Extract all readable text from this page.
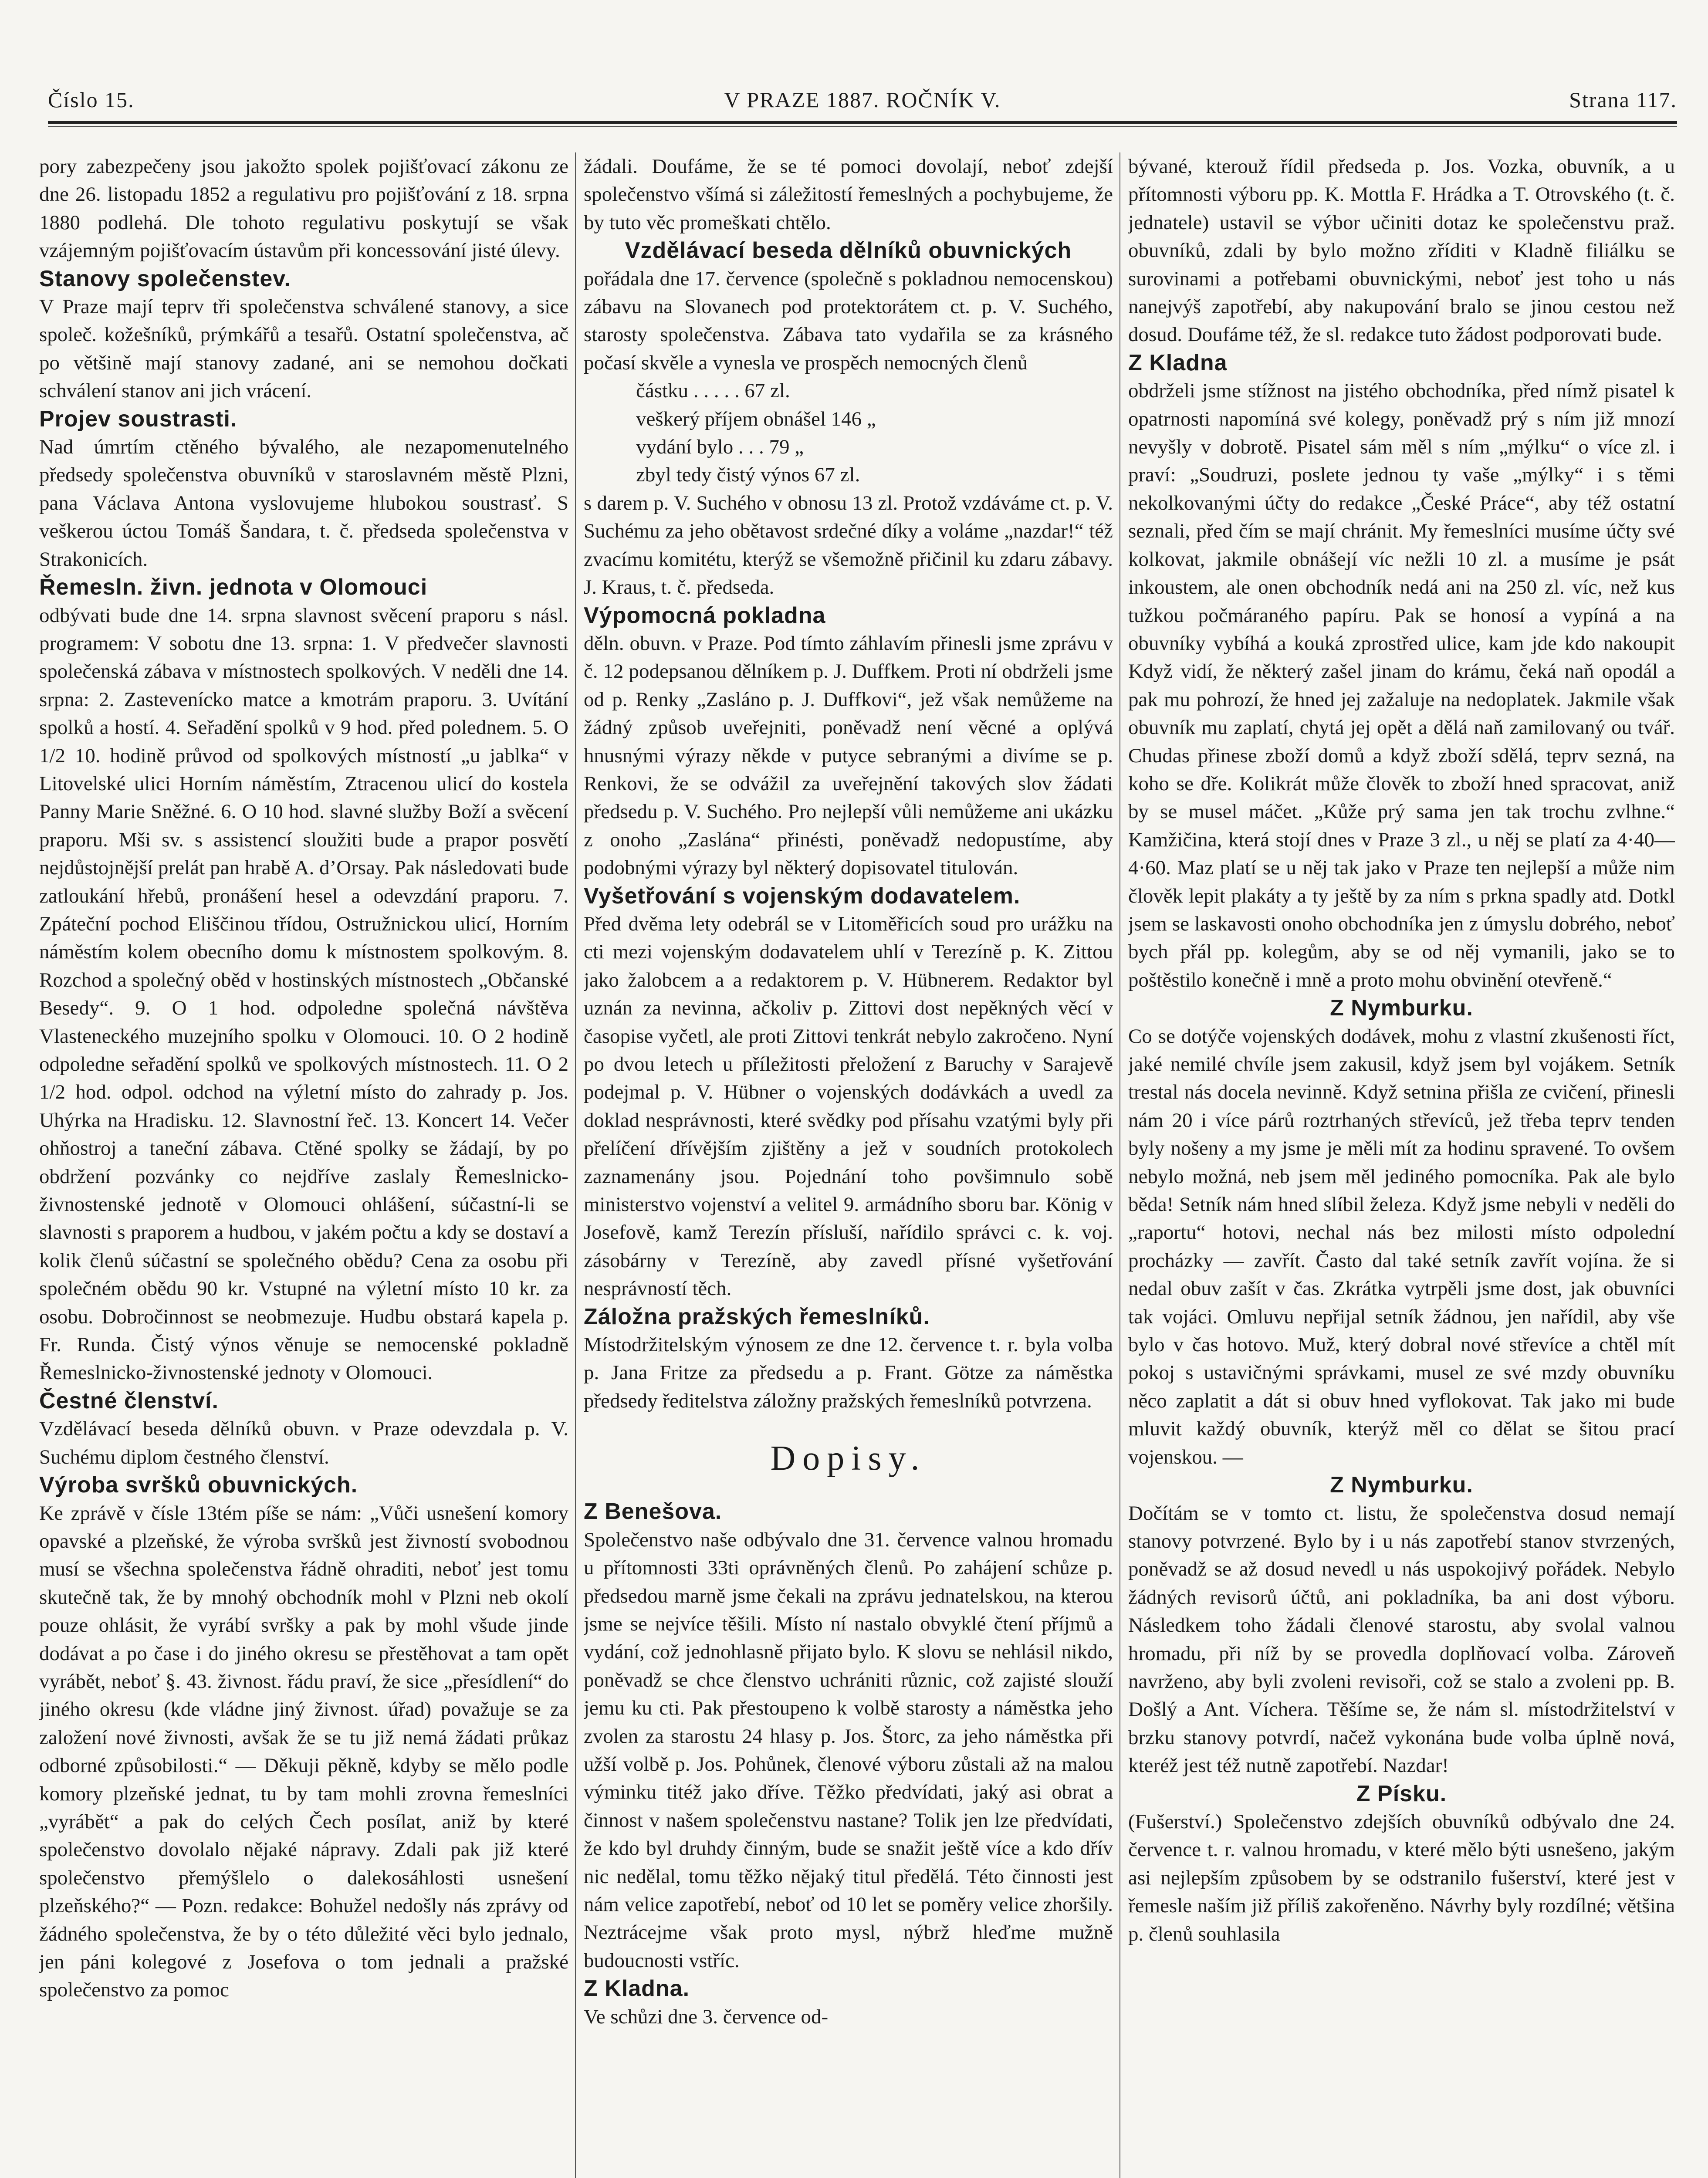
Číslo 15.	V PRAZE 1887. ROČNÍK V.	Strana 117.

pory zabezpečeny jsou jakožto spolek pojišťovací zákonu ze dne 26. listopadu 1852 a regulativu pro pojišťování z 18. srpna 1880 podlehá. Dle tohoto regulativu poskytují se však vzájemným pojišťovacím ústavům při koncessování jisté úlevy.

Stanovy společenstev.

V Praze mají teprv tři společenstva schválené stanovy, a sice společ. kožešníků, prýmkářů a tesařů. Ostatní společenstva, ač po většině mají stanovy zadané, ani se nemohou dočkati schválení stanov ani jich vrácení.

Projev soustrasti.

Nad úmrtím ctěného bývalého, ale nezapomenutelného předsedy společenstva obuvníků v staroslavném městě Plzni, pana Václava Antona vyslovujeme hlubokou soustrasť. S veškerou úctou Tomáš Šandara, t. č. předseda společenstva v Strakonicích.

Řemesln. živn. jednota v Olomouci

odbývati bude dne 14. srpna slavnost svěcení praporu s násl. programem: V sobotu dne 13. srpna: 1. V předvečer slavnosti společenská zábava v místnostech spolkových. V neděli dne 14. srpna: 2. Zastevenícko matce a kmotrám praporu. 3. Uvítání spolků a hostí. 4. Seřadění spolků v 9 hod. před polednem. 5. O 1/2 10. hodině průvod od spolkových místností „u jablka“ v Litovelské ulici Horním náměstím, Ztracenou ulicí do kostela Panny Marie Sněžné. 6. O 10 hod. slavné služby Boží a svěcení praporu. Mši sv. s assistencí sloužiti bude a prapor posvětí nejdůstojnější prelát pan hrabě A. d’Orsay. Pak následovati bude zatloukání hřebů, pronášení hesel a odevzdání praporu. 7. Zpáteční pochod Eliščinou třídou, Ostružnickou ulicí, Horním náměstím kolem obecního domu k místnostem spolkovým. 8. Rozchod a společný oběd v hostinských místnostech „Občanské Besedy“. 9. O 1 hod. odpoledne společná návštěva Vlasteneckého muzejního spolku v Olomouci. 10. O 2 hodině odpoledne seřadění spolků ve spolkových místnostech. 11. O 2 1/2 hod. odpol. odchod na výletní místo do zahrady p. Jos. Uhýrka na Hradisku. 12. Slavnostní řeč. 13. Koncert 14. Večer ohňostroj a taneční zábava. Ctěné spolky se žádají, by po obdržení pozvánky co nejdříve zaslaly Řemeslnicko-živnostenské jednotě v Olomouci ohlášení, súčastní-li se slavnosti s praporem a hudbou, v jakém počtu a kdy se dostaví a kolik členů súčastní se společného obědu? Cena za osobu při společném obědu 90 kr. Vstupné na výletní místo 10 kr. za osobu. Dobročinnost se neobmezuje. Hudbu obstará kapela p. Fr. Runda. Čistý výnos věnuje se nemocenské pokladně Řemeslnicko-živnostenské jednoty v Olomouci.

Čestné členství.

Vzdělávací beseda dělníků obuvn. v Praze odevzdala p. V. Suchému diplom čestného členství.

Výroba svršků obuvnických.

Ke zprávě v čísle 13tém píše se nám: „Vůči usnešení komory opavské a plzeňské, že výroba svršků jest živností svobodnou musí se všechna společenstva řádně ohraditi, neboť jest tomu skutečně tak, že by mnohý obchodník mohl v Plzni neb okolí pouze ohlásit, že vyrábí svršky a pak by mohl všude jinde dodávat a po čase i do jiného okresu se přestěhovat a tam opět vyrábět, neboť §. 43. živnost. řádu praví, že sice „přesídlení“ do jiného okresu (kde vládne jiný živnost. úřad) považuje se za založení nové živnosti, avšak že se tu již nemá žádati průkaz odborné způsobilosti.“ — Děkuji pěkně, kdyby se mělo podle komory plzeňské jednat, tu by tam mohli zrovna řemeslníci „vyrábět“ a pak do celých Čech posílat, aniž by které společenstvo dovolalo nějaké nápravy. Zdali pak již které společenstvo přemýšlelo o dalekosáhlosti usnešení plzeňského?“ — Pozn. redakce: Bohužel nedošly nás zprávy od žádného společenstva, že by o této důležité věci bylo jednalo, jen páni kolegové z Josefova o tom jednali a pražské společenstvo za pomoc

žádali. Doufáme, že se té pomoci dovolají, neboť zdejší společenstvo všímá si záležitostí řemeslných a pochybujeme, že by tuto věc promeškati chtělo.

Vzdělávací beseda dělníků obuvnických

pořádala dne 17. července (společně s pokladnou nemocenskou) zábavu na Slovanech pod protektorátem ct. p. V. Suchého, starosty společenstva. Zábava tato vydařila se za krásného počasí skvěle a vynesla ve prospěch nemocných členů

částku . . . . . 67 zl.
veškerý příjem obnášel 146 „
vydání bylo . . . 79 „
zbyl tedy čistý výnos 67 zl.

s darem p. V. Suchého v obnosu 13 zl. Protož vzdáváme ct. p. V. Suchému za jeho obětavost srdečné díky a voláme „nazdar!“ též zvacímu komitétu, kterýž se všemožně přičinil ku zdaru zábavy. J. Kraus, t. č. předseda.

Výpomocná pokladna

děln. obuvn. v Praze. Pod tímto záhlavím přinesli jsme zprávu v č. 12 podepsanou dělníkem p. J. Duffkem. Proti ní obdrželi jsme od p. Renky „Zasláno p. J. Duffkovi“, jež však nemůžeme na žádný způsob uveřejniti, poněvadž není věcné a oplývá hnusnými výrazy někde v putyce sebranými a divíme se p. Renkovi, že se odvážil za uveřejnění takových slov žádati předsedu p. V. Suchého. Pro nejlepší vůli nemůžeme ani ukázku z onoho „Zaslána“ přinésti, poněvadž nedopustíme, aby podobnými výrazy byl některý dopisovatel titulován.

Vyšetřování s vojenským dodavatelem.

Před dvěma lety odebrál se v Litoměřicích soud pro urážku na cti mezi vojenským dodavatelem uhlí v Terezíně p. K. Zittou jako žalobcem a a redaktorem p. V. Hübnerem. Redaktor byl uznán za nevinna, ačkoliv p. Zittovi dost nepěkných věcí v časopise vyčetl, ale proti Zittovi tenkrát nebylo zakročeno. Nyní po dvou letech u příležitosti přeložení z Baruchy v Sarajevě podejmal p. V. Hübner o vojenských dodávkách a uvedl za doklad nesprávnosti, které svědky pod přísahu vzatými byly při přelíčení dřívějším zjištěny a jež v soudních protokolech zaznamenány jsou. Pojednání toho povšimnulo sobě ministerstvo vojenství a velitel 9. armádního sboru bar. König v Josefově, kamž Terezín přísluší, nařídilo správci c. k. voj. zásobárny v Terezíně, aby zavedl přísné vyšetřování nesprávností těch.

Záložna pražských řemeslníků.

Místodržitelským výnosem ze dne 12. července t. r. byla volba p. Jana Fritze za předsedu a p. Frant. Götze za náměstka předsedy ředitelstva záložny pražských řemeslníků potvrzena.

Dopisy.

Z Benešova.

Společenstvo naše odbývalo dne 31. července valnou hromadu u přítomnosti 33ti oprávněných členů. Po zahájení schůze p. předsedou marně jsme čekali na zprávu jednatelskou, na kterou jsme se nejvíce těšili. Místo ní nastalo obvyklé čtení příjmů a vydání, což jednohlasně přijato bylo. K slovu se nehlásil nikdo, poněvadž se chce členstvo uchrániti různic, což zajisté slouží jemu ku cti. Pak přestoupeno k volbě starosty a náměstka jeho zvolen za starostu 24 hlasy p. Jos. Štorc, za jeho náměstka při užší volbě p. Jos. Pohůnek, členové výboru zůstali až na malou výminku titéž jako dříve. Těžko předvídati, jaký asi obrat a činnost v našem společenstvu nastane? Tolik jen lze předvídati, že kdo byl druhdy činným, bude se snažit ještě více a kdo dřív nic nedělal, tomu těžko nějaký titul předělá. Této činnosti jest nám velice zapotřebí, neboť od 10 let se poměry velice zhoršily. Neztrácejme však proto mysl, nýbrž hleďme mužně budoucnosti vstříc.

Z Kladna.

Ve schůzi dne 3. července od-

bývané, kterouž řídil předseda p. Jos. Vozka, obuvník, a u přítomnosti výboru pp. K. Mottla F. Hrádka a T. Otrovského (t. č. jednatele) ustavil se výbor učiniti dotaz ke společenstvu praž. obuvníků, zdali by bylo možno zříditi v Kladně filiálku se surovinami a potřebami obuvnickými, neboť jest toho u nás nanejvýš zapotřebí, aby nakupování bralo se jinou cestou než dosud. Doufáme též, že sl. redakce tuto žádost podporovati bude.

Z Kladna

obdrželi jsme stížnost na jistého obchodníka, před nímž pisatel k opatrnosti napomíná své kolegy, poněvadž prý s ním již mnozí nevyšly v dobrotě. Pisatel sám měl s ním „mýlku“ o více zl. i praví: „Soudruzi, poslete jednou ty vaše „mýlky“ i s těmi nekolkovanými účty do redakce „České Práce“, aby též ostatní seznali, před čím se mají chránit. My řemeslníci musíme účty své kolkovat, jakmile obnášejí víc nežli 10 zl. a musíme je psát inkoustem, ale onen obchodník nedá ani na 250 zl. víc, než kus tužkou počmáraného papíru. Pak se honosí a vypíná a na obuvníky vybíhá a kouká zprostřed ulice, kam jde kdo nakoupit Když vidí, že některý zašel jinam do krámu, čeká naň opodál a pak mu pohrozí, že hned jej zažaluje na nedoplatek. Jakmile však obuvník mu zaplatí, chytá jej opět a dělá naň zamilovaný ou tvář. Chudas přinese zboží domů a když zboží sdělá, teprv sezná, na koho se dře. Kolikrát může člověk to zboží hned spracovat, aniž by se musel máčet. „Kůže prý sama jen tak trochu zvlhne.“ Kamžičina, která stojí dnes v Praze 3 zl., u něj se platí za 4·40—4·60. Maz platí se u něj tak jako v Praze ten nejlepší a může nim člověk lepit plakáty a ty ještě by za ním s prkna spadly atd. Dotkl jsem se laskavosti onoho obchodníka jen z úmyslu dobrého, neboť bych přál pp. kolegům, aby se od něj vymanili, jako se to poštěstilo konečně i mně a proto mohu obvinění otevřeně.“

Z Nymburku.

Co se dotýče vojenských dodávek, mohu z vlastní zkušenosti říct, jaké nemilé chvíle jsem zakusil, když jsem byl vojákem. Setník trestal nás docela nevinně. Když setnina přišla ze cvičení, přinesli nám 20 i více párů roztrhaných střevíců, jež třeba teprv tenden byly nošeny a my jsme je měli mít za hodinu spravené. To ovšem nebylo možná, neb jsem měl jediného pomocníka. Pak ale bylo běda! Setník nám hned slíbil železa. Když jsme nebyli v neděli do „raportu“ hotovi, nechal nás bez milosti místo odpolední procházky — zavřít. Často dal také setník zavřít vojína. že si nedal obuv zašít v čas. Zkrátka vytrpěli jsme dost, jak obuvníci tak vojáci. Omluvu nepřijal setník žádnou, jen nařídil, aby vše bylo v čas hotovo. Muž, který dobral nové střevíce a chtěl mít pokoj s ustavičnými správkami, musel ze své mzdy obuvníku něco zaplatit a dát si obuv hned vyflokovat. Tak jako mi bude mluvit každý obuvník, kterýž měl co dělat se šitou prací vojenskou. —

Z Nymburku.

Dočítám se v tomto ct. listu, že společenstva dosud nemají stanovy potvrzené. Bylo by i u nás zapotřebí stanov stvrzených, poněvadž se až dosud nevedl u nás uspokojivý pořádek. Nebylo žádných revisorů účtů, ani pokladníka, ba ani dost výboru. Následkem toho žádali členové starostu, aby svolal valnou hromadu, při níž by se provedla doplňovací volba. Zároveň navrženo, aby byli zvoleni revisoři, což se stalo a zvoleni pp. B. Došlý a Ant. Víchera. Těšíme se, že nám sl. místodržitelství v brzku stanovy potvrdí, načež vykonána bude volba úplně nová, kteréž jest též nutně zapotřebí. Nazdar!

Z Písku.

(Fušerství.) Společenstvo zdejších obuvníků odbývalo dne 24. července t. r. valnou hromadu, v které mělo býti usnešeno, jakým asi nejlepším způsobem by se odstranilo fušerství, které jest v řemesle naším již příliš zakořeněno. Návrhy byly rozdílné; většina p. členů souhlasila
